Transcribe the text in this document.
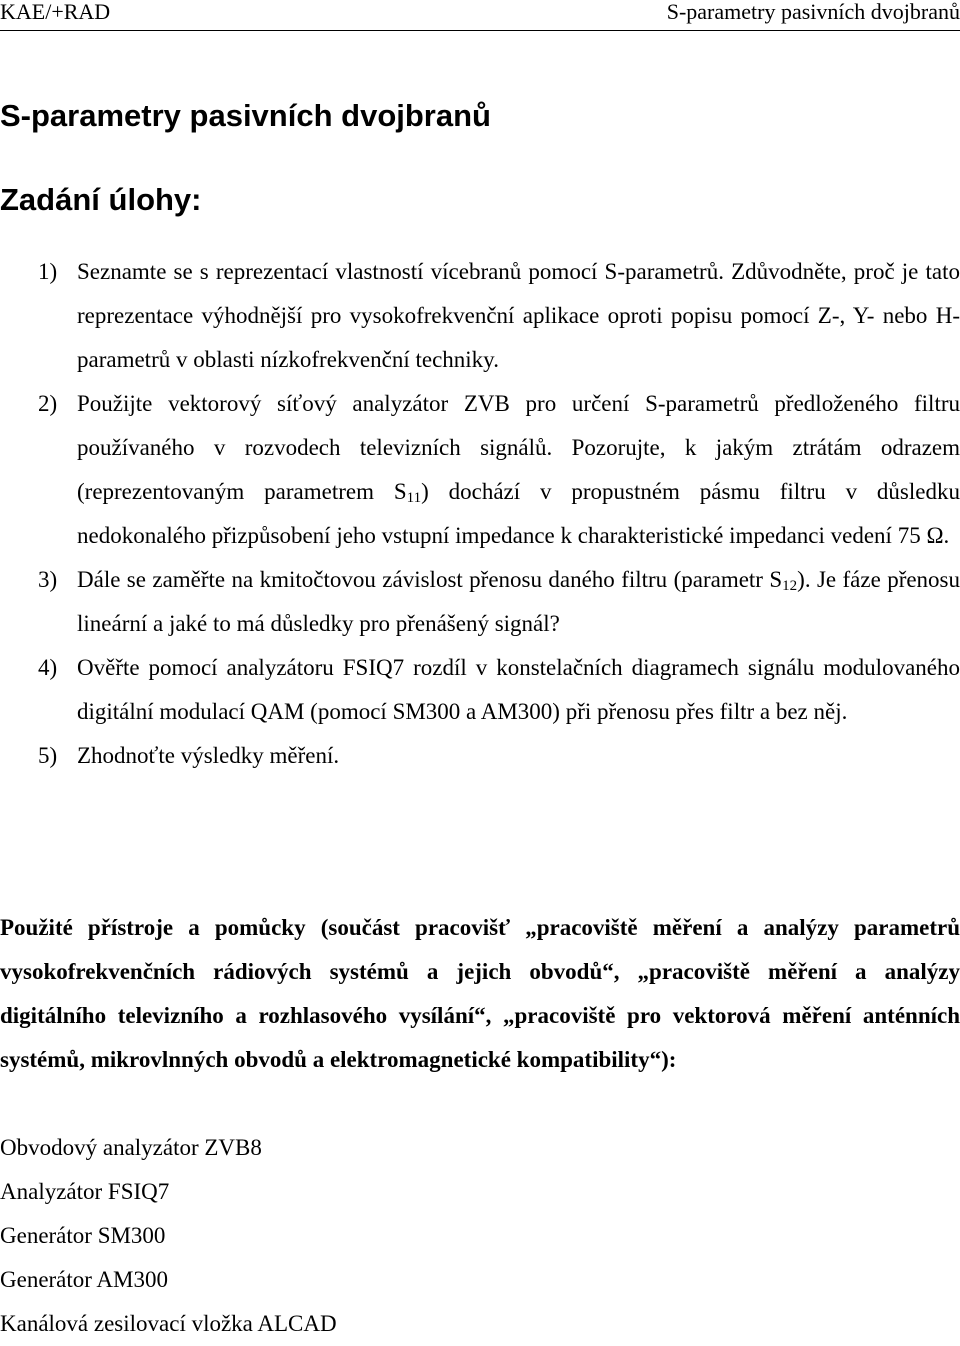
KAE/+RAD	S-parametry pasivních dvojbranů
S-parametry pasivních dvojbranů
Zadání úlohy:
1) Seznamte se s reprezentací vlastností vícebranů pomocí S-parametrů. Zdůvodněte, proč je tato reprezentace výhodnější pro vysokofrekvenční aplikace oproti popisu pomocí Z-, Y- nebo H-parametrů v oblasti nízkofrekvenční techniky.
2) Použijte vektorový síťový analyzátor ZVB pro určení S-parametrů předloženého filtru používaného v rozvodech televizních signálů. Pozorujte, k jakým ztrátám odrazem (reprezentovaným parametrem $S_{11}$) dochází v propustném pásmu filtru v důsledku nedokonalého přizpůsobení jeho vstupní impedance k charakteristické impedanci vedení 75 Ω.
3) Dále se zaměřte na kmitočtovou závislost přenosu daného filtru (parametr $S_{12}$). Je fáze přenosu lineární a jaké to má důsledky pro přenášený signál?
4) Ověřte pomocí analyzátoru FSIQ7 rozdíl v konstelačních diagramech signálu modulovaného digitální modulací QAM (pomocí SM300 a AM300) při přenosu přes filtr a bez něj.
5) Zhodnoťte výsledky měření.
Použité přístroje a pomůcky (součást pracovišť „pracoviště měření a analýzy parametrů vysokofrekvenčních rádiových systémů a jejich obvodů“, „pracoviště měření a analýzy digitálního televizního a rozhlasového vysílání“, „pracoviště pro vektorová měření anténních systémů, mikrovlnných obvodů a elektromagnetické kompatibility“):
Obvodový analyzátor ZVB8
Analyzátor FSIQ7
Generátor SM300
Generátor AM300
Kanálová zesilovací vložka ALCAD
